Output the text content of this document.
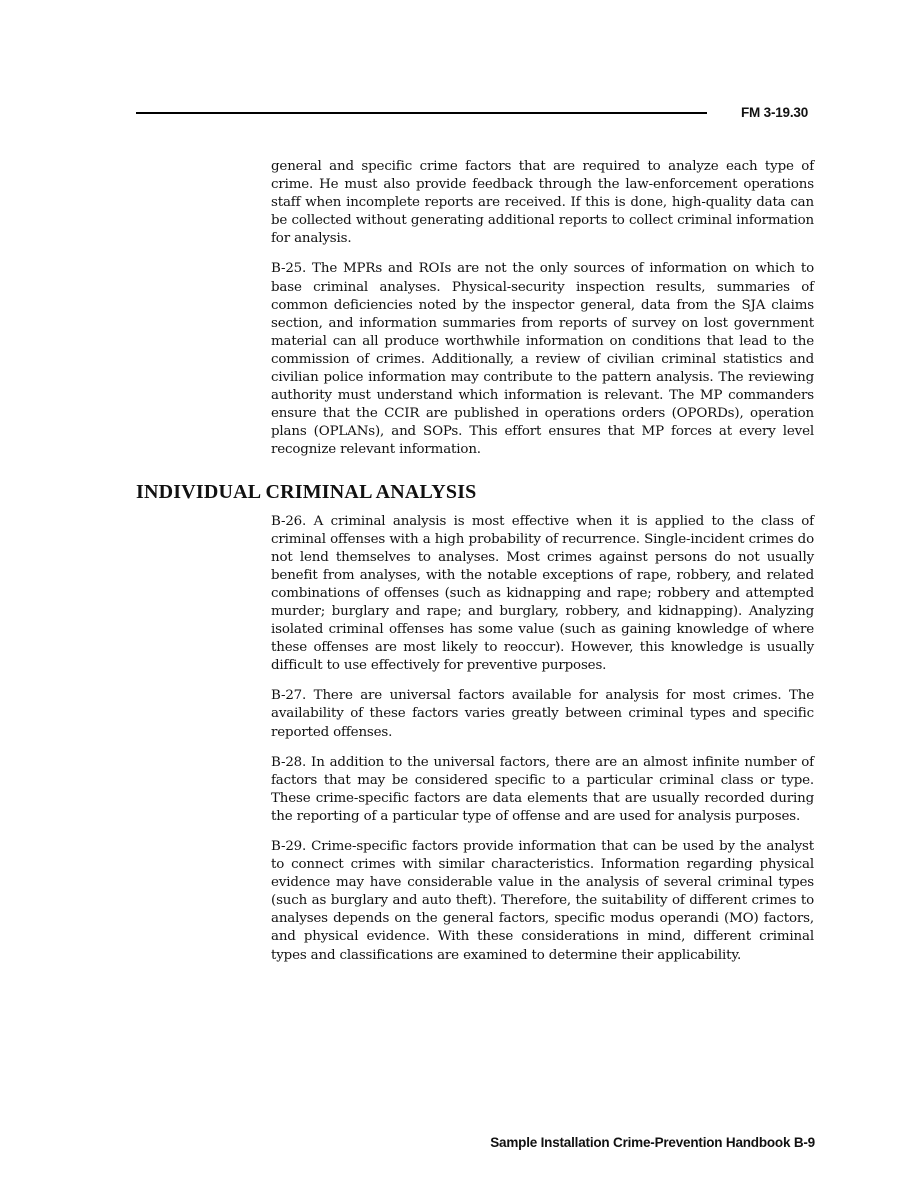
FM 3-19.30

general and specific crime factors that are required to analyze each type of crime. He must also provide feedback through the law-enforcement operations staff when incomplete reports are received. If this is done, high-quality data can be collected without generating additional reports to collect criminal information for analysis.

B-25. The MPRs and ROIs are not the only sources of information on which to base criminal analyses. Physical-security inspection results, summaries of common deficiencies noted by the inspector general, data from the SJA claims section, and information summaries from reports of survey on lost government material can all produce worthwhile information on conditions that lead to the commission of crimes. Additionally, a review of civilian criminal statistics and civilian police information may contribute to the pattern analysis. The reviewing authority must understand which information is relevant. The MP commanders ensure that the CCIR are published in operations orders (OPORDs), operation plans (OPLANs), and SOPs. This effort ensures that MP forces at every level recognize relevant information.

INDIVIDUAL CRIMINAL ANALYSIS

B-26. A criminal analysis is most effective when it is applied to the class of criminal offenses with a high probability of recurrence. Single-incident crimes do not lend themselves to analyses. Most crimes against persons do not usually benefit from analyses, with the notable exceptions of rape, robbery, and related combinations of offenses (such as kidnapping and rape; robbery and attempted murder; burglary and rape; and burglary, robbery, and kidnapping). Analyzing isolated criminal offenses has some value (such as gaining knowledge of where these offenses are most likely to reoccur). However, this knowledge is usually difficult to use effectively for preventive purposes.

B-27. There are universal factors available for analysis for most crimes. The availability of these factors varies greatly between criminal types and specific reported offenses.

B-28. In addition to the universal factors, there are an almost infinite number of factors that may be considered specific to a particular criminal class or type. These crime-specific factors are data elements that are usually recorded during the reporting of a particular type of offense and are used for analysis purposes.

B-29. Crime-specific factors provide information that can be used by the analyst to connect crimes with similar characteristics. Information regarding physical evidence may have considerable value in the analysis of several criminal types (such as burglary and auto theft). Therefore, the suitability of different crimes to analyses depends on the general factors, specific modus operandi (MO) factors, and physical evidence. With these considerations in mind, different criminal types and classifications are examined to determine their applicability.

Sample Installation Crime-Prevention Handbook B-9
